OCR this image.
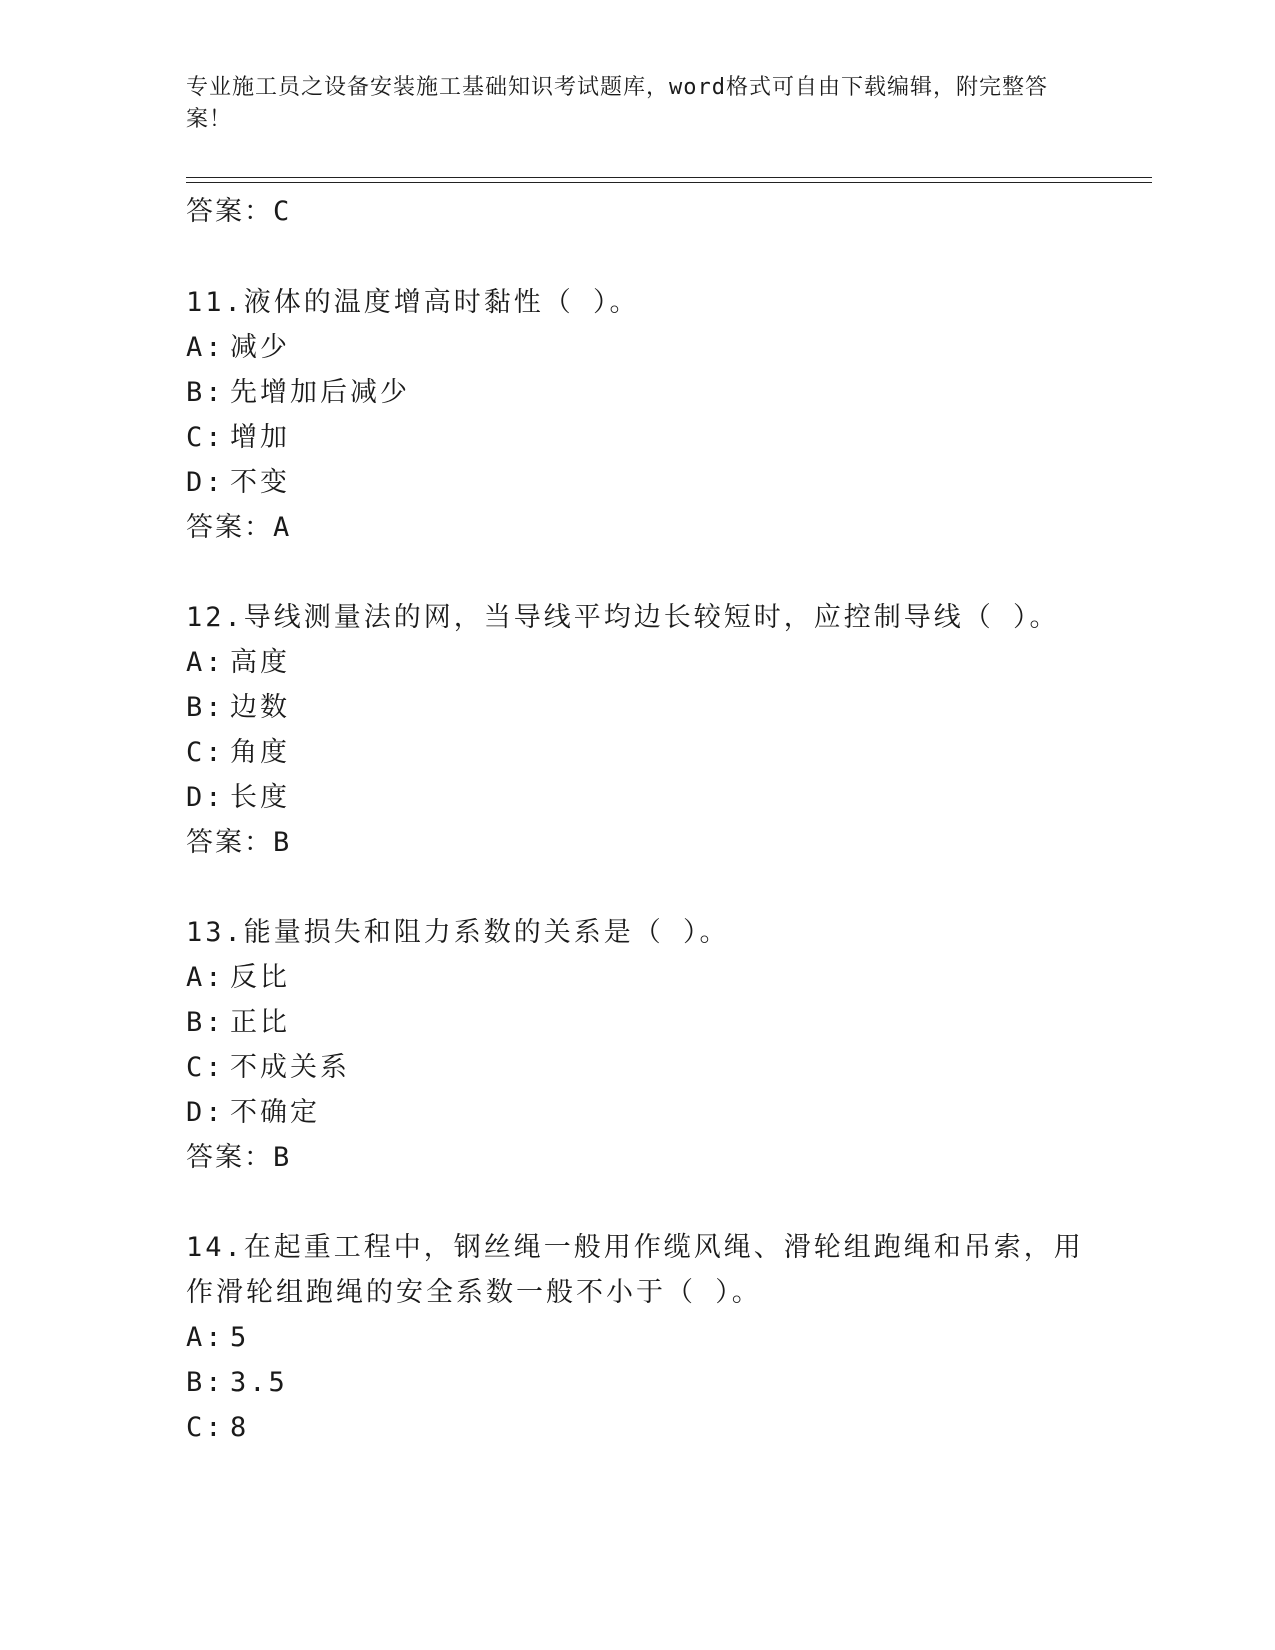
专业施工员之设备安装施工基础知识考试题库，word格式可自由下载编辑，附完整答案！
答案：C
11.液体的温度增高时黏性（ ）。
A: 减少
B: 先增加后减少
C: 增加
D: 不变
答案：A
12.导线测量法的网，当导线平均边长较短时，应控制导线（ ）。
A: 高度
B: 边数
C: 角度
D: 长度
答案：B
13.能量损失和阻力系数的关系是（ ）。
A: 反比
B: 正比
C: 不成关系
D: 不确定
答案：B
14.在起重工程中，钢丝绳一般用作缆风绳、滑轮组跑绳和吊索，用作滑轮组跑绳的安全系数一般不小于（ ）。
A: 5
B: 3.5
C: 8
